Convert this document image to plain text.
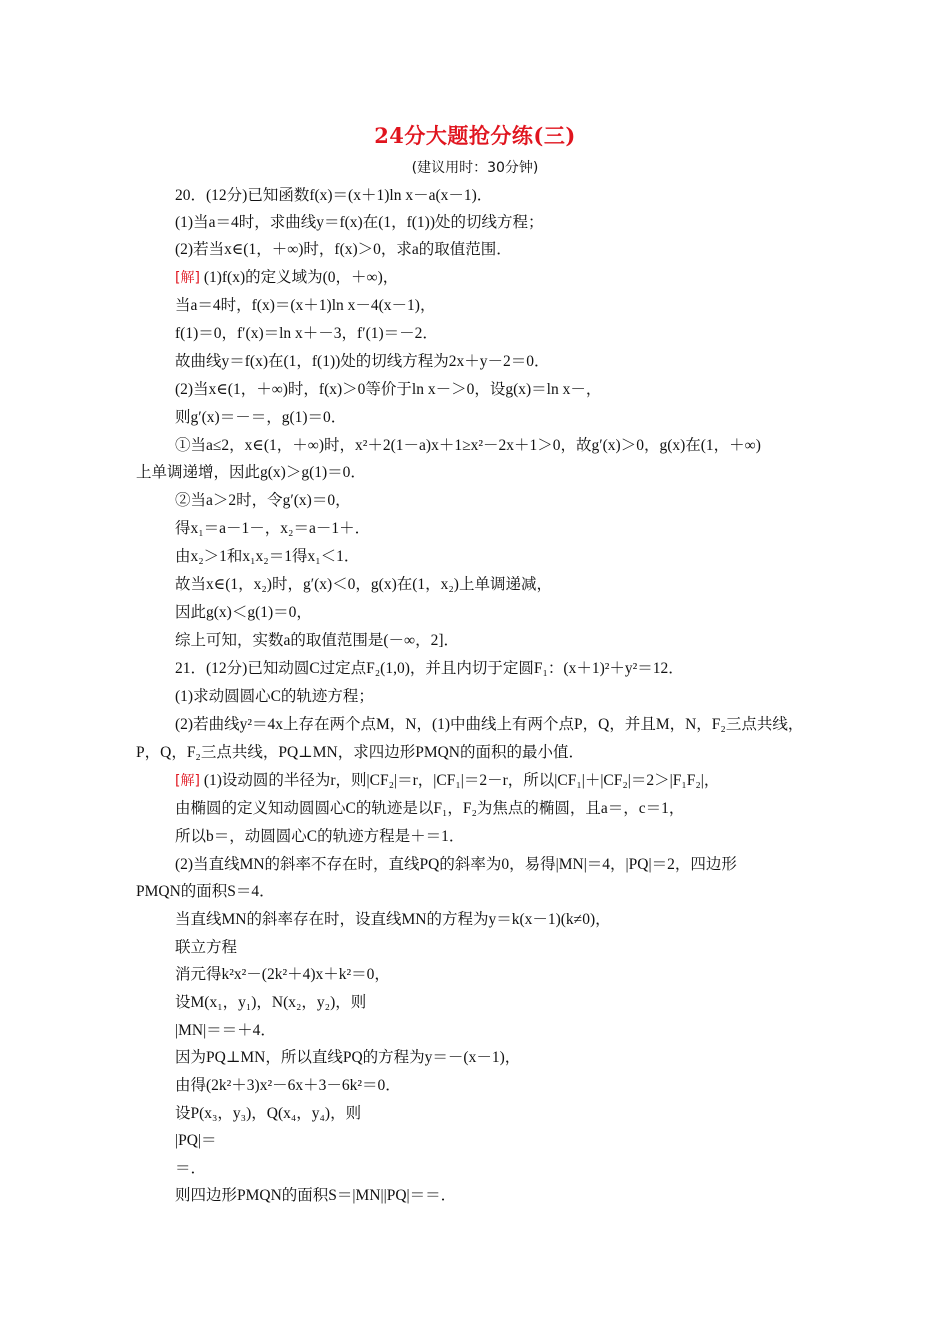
24分大题抢分练(三)
(建议用时：30分钟)
20．(12分)已知函数f(x)＝(x＋1)ln x－a(x－1)．
(1)当a＝4时，求曲线y＝f(x)在(1，f(1))处的切线方程；
(2)若当x∈(1，＋∞)时，f(x)＞0，求a的取值范围．
[解] (1)f(x)的定义域为(0，＋∞)，
当a＝4时，f(x)＝(x＋1)ln x－4(x－1)，
f(1)＝0，f′(x)＝ln x＋－3，f′(1)＝－2．
故曲线y＝f(x)在(1，f(1))处的切线方程为2x＋y－2＝0．
(2)当x∈(1，＋∞)时，f(x)＞0等价于ln x－＞0，设g(x)＝ln x－，
则g′(x)＝－＝，g(1)＝0．
①当a≤2，x∈(1，＋∞)时，x²＋2(1－a)x＋1≥x²－2x＋1＞0，故g′(x)＞0，g(x)在(1，＋∞)
上单调递增，因此g(x)＞g(1)＝0．
②当a＞2时，令g′(x)＝0，
得x₁＝a－1－，x₂＝a－1＋．
由x₂＞1和x₁x₂＝1得x₁＜1．
故当x∈(1，x₂)时，g′(x)＜0，g(x)在(1，x₂)上单调递减，
因此g(x)＜g(1)＝0，
综上可知，实数a的取值范围是(－∞，2]．
21．(12分)已知动圆C过定点F₂(1,0)，并且内切于定圆F₁：(x＋1)²＋y²＝12．
(1)求动圆圆心C的轨迹方程；
(2)若曲线y²＝4x上存在两个点M，N，(1)中曲线上有两个点P，Q，并且M，N，F₂三点共线，
P，Q，F₂三点共线，PQ⊥MN，求四边形PMQN的面积的最小值．
[解] (1)设动圆的半径为r，则|CF₂|＝r，|CF₁|＝2－r，所以|CF₁|＋|CF₂|＝2＞|F₁F₂|，
由椭圆的定义知动圆圆心C的轨迹是以F₁，F₂为焦点的椭圆，且a＝，c＝1，
所以b＝，动圆圆心C的轨迹方程是＋＝1．
(2)当直线MN的斜率不存在时，直线PQ的斜率为0，易得|MN|＝4，|PQ|＝2，四边形
PMQN的面积S＝4．
当直线MN的斜率存在时，设直线MN的方程为y＝k(x－1)(k≠0)，
联立方程
消元得k²x²－(2k²＋4)x＋k²＝0，
设M(x₁，y₁)，N(x₂，y₂)，则
|MN|＝＝＋4．
因为PQ⊥MN，所以直线PQ的方程为y＝－(x－1)，
由得(2k²＋3)x²－6x＋3－6k²＝0．
设P(x₃，y₃)，Q(x₄，y₄)，则
|PQ|＝
＝．
则四边形PMQN的面积S＝|MN||PQ|＝＝．
